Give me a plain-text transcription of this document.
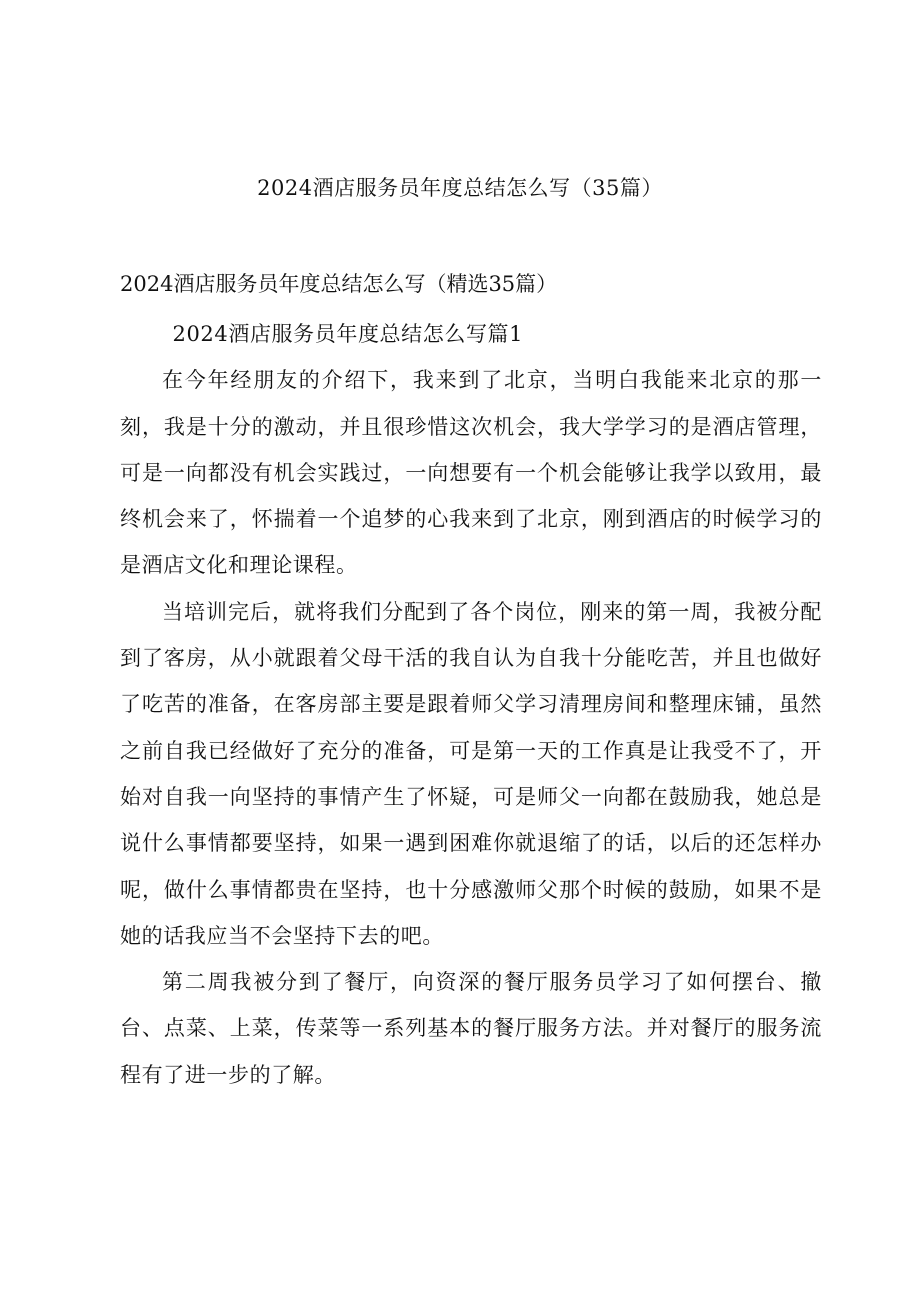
2024酒店服务员年度总结怎么写（35篇）
2024酒店服务员年度总结怎么写（精选35篇）

2024酒店服务员年度总结怎么写篇1

在今年经朋友的介绍下，我来到了北京，当明白我能来北京的那一刻，我是十分的激动，并且很珍惜这次机会，我大学学习的是酒店管理，可是一向都没有机会实践过，一向想要有一个机会能够让我学以致用，最终机会来了，怀揣着一个追梦的心我来到了北京，刚到酒店的时候学习的是酒店文化和理论课程。

当培训完后，就将我们分配到了各个岗位，刚来的第一周，我被分配到了客房，从小就跟着父母干活的我自认为自我十分能吃苦，并且也做好了吃苦的准备，在客房部主要是跟着师父学习清理房间和整理床铺，虽然之前自我已经做好了充分的准备，可是第一天的工作真是让我受不了，开始对自我一向坚持的事情产生了怀疑，可是师父一向都在鼓励我，她总是说什么事情都要坚持，如果一遇到困难你就退缩了的话，以后的还怎样办呢，做什么事情都贵在坚持，也十分感激师父那个时候的鼓励，如果不是她的话我应当不会坚持下去的吧。

第二周我被分到了餐厅，向资深的餐厅服务员学习了如何摆台、撤台、点菜、上菜，传菜等一系列基本的餐厅服务方法。并对餐厅的服务流程有了进一步的了解。
